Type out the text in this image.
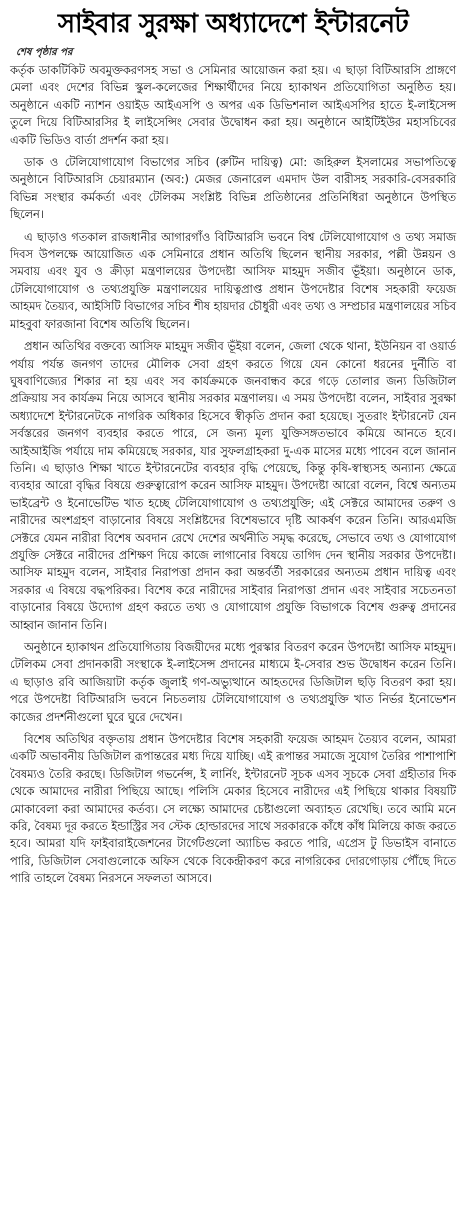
সাইবার সুরক্ষা অধ্যাদেশে ইন্টারনেট
শেষ পৃষ্ঠার পর

কর্তৃক ডাকটিকিট অবমুক্তকরণসহ সভা ও সেমিনার আয়োজন করা হয়। এ ছাড়া বিটিআরসি প্রাঙ্গণে মেলা এবং দেশের বিভিন্ন স্কুল-কলেজের শিক্ষার্থীদের নিয়ে হ্যাকাথন প্রতিযোগিতা অনুষ্ঠিত হয়। অনুষ্ঠানে একটি ন্যাশন ওয়াইড আইএসপি ও অপর এক ডিভিশনাল আইএসপির হাতে ই-লাইসেন্স তুলে দিয়ে বিটিআরসির ই লাইসেন্সিং সেবার উদ্বোধন করা হয়। অনুষ্ঠানে আইটিইউর মহাসচিবের একটি ভিডিও বার্তা প্রদর্শন করা হয়।

ডাক ও টেলিযোগাযোগ বিভাগের সচিব (রুটিন দায়িত্ব) মো: জহিরুল ইসলামের সভাপতিত্বে অনুষ্ঠানে বিটিআরসি চেয়ারম্যান (অব:) মেজর জেনারেল এমদাদ উল বারীসহ সরকারি-বেসরকারি বিভিন্ন সংস্থার কর্মকর্তা এবং টেলিকম সংশ্লিষ্ট বিভিন্ন প্রতিষ্ঠানের প্রতিনিধিরা অনুষ্ঠানে উপস্থিত ছিলেন।

এ ছাড়াও গতকাল রাজধানীর আগারগাঁও বিটিআরসি ভবনে বিশ্ব টেলিযোগাযোগ ও তথ্য সমাজ দিবস উপলক্ষে আয়োজিত এক সেমিনারে প্রধান অতিথি ছিলেন স্থানীয় সরকার, পল্লী উন্নয়ন ও সমবায় এবং যুব ও ক্রীড়া মন্ত্রণালয়ের উপদেষ্টা আসিফ মাহমুদ সজীব ভূঁইয়া। অনুষ্ঠানে ডাক, টেলিযোগাযোগ ও তথ্যপ্রযুক্তি মন্ত্রণালয়ের দায়িত্বপ্রাপ্ত প্রধান উপদেষ্টার বিশেষ সহকারী ফয়েজ আহমদ তৈয়্যব, আইসিটি বিভাগের সচিব শীষ হায়দার চৌধুরী এবং তথ্য ও সম্প্রচার মন্ত্রণালয়ের সচিব মাহবুবা ফারজানা বিশেষ অতিথি ছিলেন।

প্রধান অতিথির বক্তব্যে আসিফ মাহমুদ সজীব ভূঁইয়া বলেন, জেলা থেকে থানা, ইউনিয়ন বা ওয়ার্ড পর্যায় পর্যন্ত জনগণ তাদের মৌলিক সেবা গ্রহণ করতে গিয়ে যেন কোনো ধরনের দুর্নীতি বা ঘুষবাণিজ্যের শিকার না হয় এবং সব কার্যক্রমকে জনবান্ধব করে গড়ে তোলার জন্য ডিজিটাল প্রক্রিয়ায় সব কার্যক্রম নিয়ে আসবে স্থানীয় সরকার মন্ত্রণালয়। এ সময় উপদেষ্টা বলেন, সাইবার সুরক্ষা অধ্যাদেশে ইন্টারনেটকে নাগরিক অধিকার হিসেবে স্বীকৃতি প্রদান করা হয়েছে। সুতরাং ইন্টারনেট যেন সর্বস্তরের জনগণ ব্যবহার করতে পারে, সে জন্য মূল্য যুক্তিসঙ্গতভাবে কমিয়ে আনতে হবে। আইআইজি পর্যায়ে দাম কমিয়েছে সরকার, যার সুফলগ্রাহকরা দু-এক মাসের মধ্যে পাবেন বলে জানান তিনি। এ ছাড়াও শিক্ষা খাতে ইন্টারনেটের ব্যবহার বৃদ্ধি পেয়েছে, কিন্তু কৃষি-স্বাস্থ্যসহ অন্যান্য ক্ষেত্রে ব্যবহার আরো বৃদ্ধির বিষয়ে গুরুত্বারোপ করেন আসিফ মাহমুদ। উপদেষ্টা আরো বলেন, বিশ্বে অন্যতম ভাইব্রেন্ট ও ইনোভেটিভ খাত হচ্ছে টেলিযোগাযোগ ও তথ্যপ্রযুক্তি; এই সেক্টরে আমাদের তরুণ ও নারীদের অংশগ্রহণ বাড়ানোর বিষয়ে সংশ্লিষ্টদের বিশেষভাবে দৃষ্টি আকর্ষণ করেন তিনি। আরএমজি সেক্টরে যেমন নারীরা বিশেষ অবদান রেখে দেশের অর্থনীতি সমৃদ্ধ করেছে, সেভাবে তথ্য ও যোগাযোগ প্রযুক্তি সেক্টরে নারীদের প্রশিক্ষণ দিয়ে কাজে লাগানোর বিষয়ে তাগিদ দেন স্থানীয় সরকার উপদেষ্টা। আসিফ মাহমুদ বলেন, সাইবার নিরাপত্তা প্রদান করা অন্তর্বর্তী সরকারের অন্যতম প্রধান দায়িত্ব এবং সরকার এ বিষয়ে বদ্ধপরিকর। বিশেষ করে নারীদের সাইবার নিরাপত্তা প্রদান এবং সাইবার সচেতনতা বাড়ানোর বিষয়ে উদ্যোগ গ্রহণ করতে তথ্য ও যোগাযোগ প্রযুক্তি বিভাগকে বিশেষ গুরুত্ব প্রদানের আহ্বান জানান তিনি।

অনুষ্ঠানে হ্যাকাথন প্রতিযোগিতায় বিজয়ীদের মধ্যে পুরস্কার বিতরণ করেন উপদেষ্টা আসিফ মাহমুদ। টেলিকম সেবা প্রদানকারী সংস্থাকে ই-লাইসেন্স প্রদানের মাধ্যমে ই-সেবার শুভ উদ্বোধন করেন তিনি। এ ছাড়াও রবি আজিয়াটা কর্তৃক জুলাই গণ-অভ্যুত্থানে আহতদের ডিজিটাল ছড়ি বিতরণ করা হয়। পরে উপদেষ্টা বিটিআরসি ভবনে নিচতলায় টেলিযোগাযোগ ও তথ্যপ্রযুক্তি খাত নির্ভর ইনোভেশন কাজের প্রদর্শনীগুলো ঘুরে ঘুরে দেখেন।

বিশেষ অতিথির বক্তৃতায় প্রধান উপদেষ্টার বিশেষ সহকারী ফয়েজ আহমদ তৈয়্যব বলেন, আমরা একটি অভাবনীয় ডিজিটাল রূপান্তরের মধ্য দিয়ে যাচ্ছি। এই রূপান্তর সমাজে সুযোগ তৈরির পাশাপাশি বৈষম্যও তৈরি করছে। ডিজিটাল গভর্নেন্স, ই লার্নিং, ইন্টারনেট সূচক এসব সূচকে সেবা গ্রহীতার দিক থেকে আমাদের নারীরা পিছিয়ে আছে। পলিসি মেকার হিসেবে নারীদের এই পিছিয়ে থাকার বিষয়টি মোকাবেলা করা আমাদের কর্তব্য। সে লক্ষ্যে আমাদের চেষ্টাগুলো অব্যাহত রেখেছি। তবে আমি মনে করি, বৈষম্য দূর করতে ইন্ডাস্ট্রির সব স্টেক হোল্ডারদের সাথে সরকারকে কাঁধে কাঁধ মিলিয়ে কাজ করতে হবে। আমরা যদি ফাইবারাইজেশনের টার্গেটগুলো অ্যাচিভ করতে পারি, এপ্রেস টু ডিভাইস বানাতে পারি, ডিজিটাল সেবাগুলোকে অফিস থেকে বিকেন্দ্রীকরণ করে নাগরিকের দোরগোড়ায় পৌঁছে দিতে পারি তাহলে বৈষম্য নিরসনে সফলতা আসবে।
